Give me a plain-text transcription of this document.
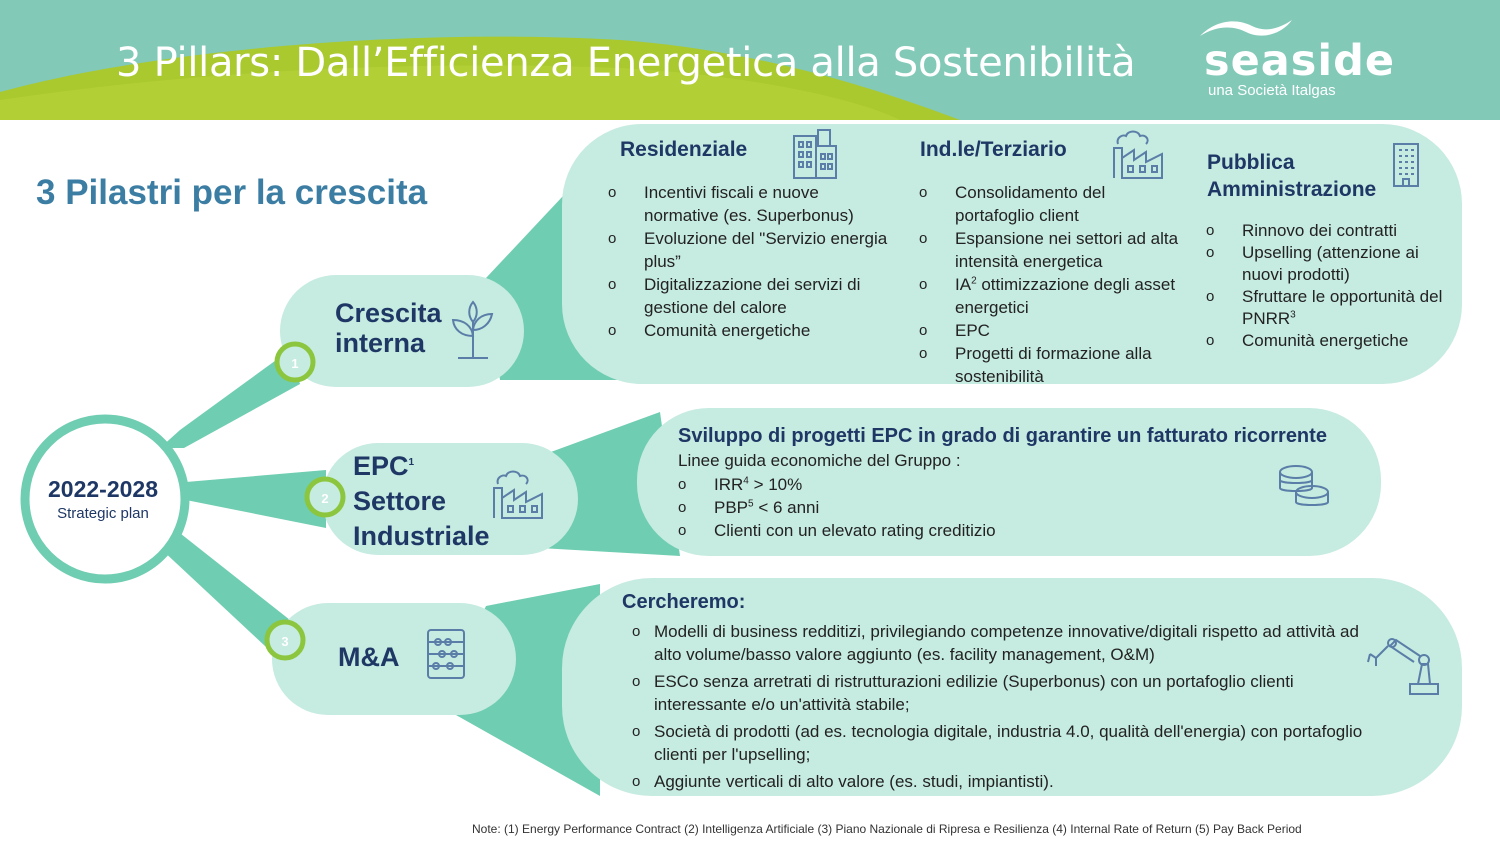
3 Pillars: Dall’Efficienza Energetica alla Sostenibilità seaside
una Società Italgas
3 Pilastri per la crescita
2022-2028
Strategic plan
1
2
3
Crescita
interna
EPC$^1$
Settore
Industriale
M&A
Residenziale
o Incentivi fiscali e nuove normative (es. Superbonus)
o Evoluzione del "Servizio energia plus”
o Digitalizzazione dei servizi di gestione del calore
o Comunità energetiche
Ind.le/Terziario
o Consolidamento del portafoglio client
o Espansione nei settori ad alta intensità energetica
o $IA^2$ ottimizzazione degli asset energetici
o EPC
o Progetti di formazione alla sostenibilità
Pubblica
Amministrazione
o Rinnovo dei contratti
o Upselling (attenzione ai nuovi prodotti)
o Sfruttare le opportunità del PNRR$^3$
o Comunità energetiche
Sviluppo di progetti EPC in grado di garantire un fatturato ricorrente
Linee guida economiche del Gruppo :
o $IRR^4 > 10\%$
o $PBP^5 < 6$ anni
o Clienti con un elevato rating creditizio
Cercheremo:
o Modelli di business redditizi, privilegiando competenze innovative/digitali rispetto ad attività ad alto volume/basso valore aggiunto (es. facility management, O&M)
o ESCo senza arretrati di ristrutturazioni edilizie (Superbonus) con un portafoglio clienti interessante e/o un'attività stabile;
o Società di prodotti (ad es. tecnologia digitale, industria 4.0, qualità dell'energia) con portafoglio clienti per l'upselling;
o Aggiunte verticali di alto valore (es. studi, impiantisti).
Note: (1) Energy Performance Contract (2) Intelligenza Artificiale (3) Piano Nazionale di Ripresa e Resilienza (4) Internal Rate of Return (5) Pay Back Period
